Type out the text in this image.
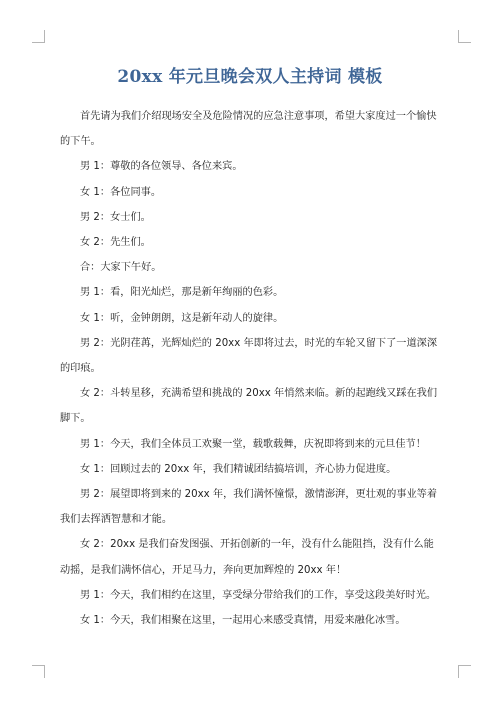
20xx 年元旦晚会双人主持词 模板

首先请为我们介绍现场安全及危险情况的应急注意事项，希望大家度过一个愉快的下午。

男 1：尊敬的各位领导、各位来宾。

女 1：各位同事。

男 2：女士们。

女 2：先生们。

合：大家下午好。

男 1：看，阳光灿烂，那是新年绚丽的色彩。

女 1：听，金钟朗朗，这是新年动人的旋律。

男 2：光阴荏苒，光辉灿烂的 20xx 年即将过去，时光的车轮又留下了一道深深的印痕。

女 2：斗转星移，充满希望和挑战的 20xx 年悄然来临。新的起跑线又踩在我们脚下。

男 1：今天，我们全体员工欢聚一堂，载歌载舞，庆祝即将到来的元旦佳节！

女 1：回顾过去的 20xx 年，我们精诚团结搞培训，齐心协力促进度。

男 2：展望即将到来的 20xx 年，我们满怀憧憬，激情澎湃，更壮观的事业等着我们去挥洒智慧和才能。

女 2：20xx 是我们奋发图强、开拓创新的一年，没有什么能阻挡，没有什么能动摇，是我们满怀信心，开足马力，奔向更加辉煌的 20xx 年！

男 1：今天，我们相约在这里，享受绿分带给我们的工作，享受这段美好时光。

女 1：今天，我们相聚在这里，一起用心来感受真情，用爱来融化冰雪。
